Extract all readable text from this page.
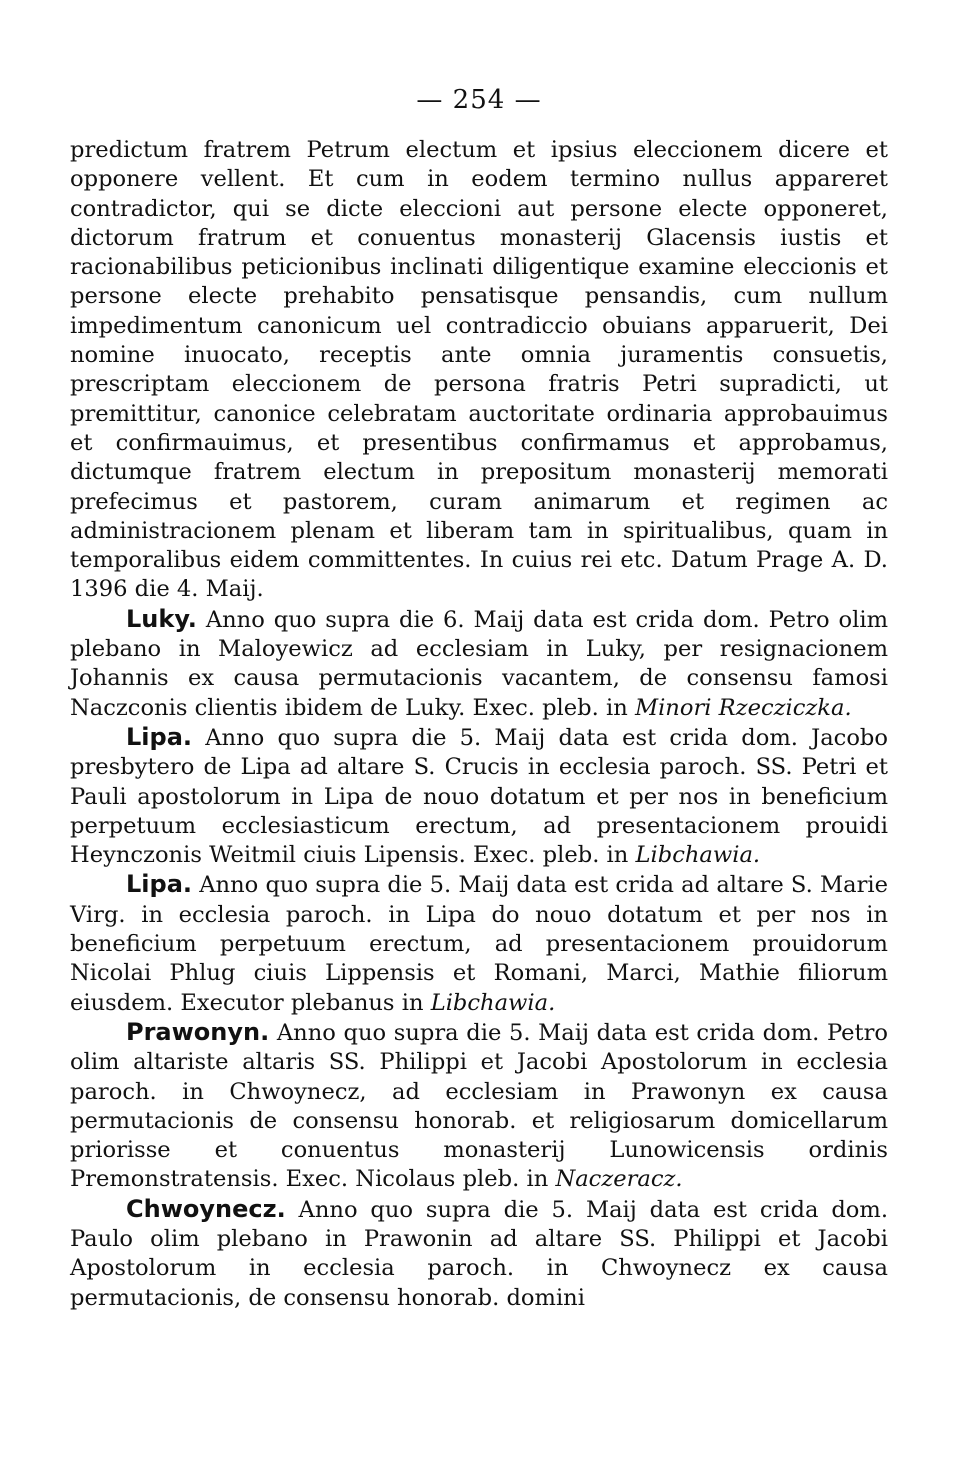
— 254 —

predictum fratrem Petrum electum et ipsius eleccionem dicere et opponere vellent. Et cum in eodem termino nullus appareret contradictor, qui se dicte eleccioni aut persone electe opponeret, dictorum fratrum et conuentus monasterij Glacensis iustis et racionabilibus peticionibus inclinati diligentique examine eleccionis et persone electe prehabito pensatisque pensandis, cum nullum impedimentum canonicum uel contradiccio obuians apparuerit, Dei nomine inuocato, receptis ante omnia juramentis consuetis, prescriptam eleccionem de persona fratris Petri supradicti, ut premittitur, canonice celebratam auctoritate ordinaria approbauimus et confirmauimus, et presentibus confirmamus et approbamus, dictumque fratrem electum in prepositum monasterij memorati prefecimus et pastorem, curam animarum et regimen ac administracionem plenam et liberam tam in spiritualibus, quam in temporalibus eidem committentes. In cuius rei etc. Datum Prage A. D. 1396 die 4. Maij.

Luky. Anno quo supra die 6. Maij data est crida dom. Petro olim plebano in Maloyewicz ad ecclesiam in Luky, per resignacionem Johannis ex causa permutacionis vacantem, de consensu famosi Naczconis clientis ibidem de Luky. Exec. pleb. in Minori Rzecziczka.

Lipa. Anno quo supra die 5. Maij data est crida dom. Jacobo presbytero de Lipa ad altare S. Crucis in ecclesia paroch. SS. Petri et Pauli apostolorum in Lipa de nouo dotatum et per nos in beneficium perpetuum ecclesiasticum erectum, ad presentacionem prouidi Heynczonis Weitmil ciuis Lipensis. Exec. pleb. in Libchawia.

Lipa. Anno quo supra die 5. Maij data est crida ad altare S. Marie Virg. in ecclesia paroch. in Lipa do nouo dotatum et per nos in beneficium perpetuum erectum, ad presentacionem prouidorum Nicolai Phlug ciuis Lippensis et Romani, Marci, Mathie filiorum eiusdem. Executor plebanus in Libchawia.

Prawonyn. Anno quo supra die 5. Maij data est crida dom. Petro olim altariste altaris SS. Philippi et Jacobi Apostolorum in ecclesia paroch. in Chwoynecz, ad ecclesiam in Prawonyn ex causa permutacionis de consensu honorab. et religiosarum domicellarum priorisse et conuentus monasterij Lunowicensis ordinis Premonstratensis. Exec. Nicolaus pleb. in Naczeracz.

Chwoynecz. Anno quo supra die 5. Maij data est crida dom. Paulo olim plebano in Prawonin ad altare SS. Philippi et Jacobi Apostolorum in ecclesia paroch. in Chwoynecz ex causa permutacionis, de consensu honorab. domini
